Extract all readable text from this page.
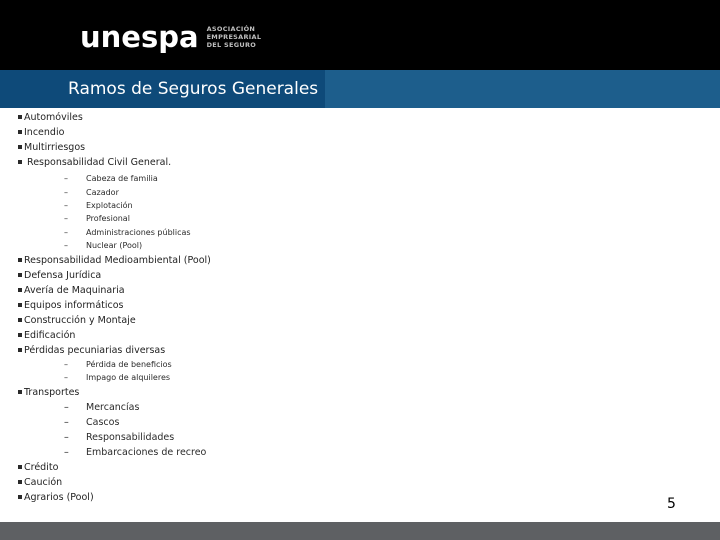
unespa ASOCIACIÓN
EMPRESARIAL
DEL SEGURO
Ramos de Seguros Generales
Automóviles
Incendio
Multirriesgos
Responsabilidad Civil General.
– Cabeza de familia
– Cazador
– Explotación
– Profesional
– Administraciones públicas
– Nuclear (Pool)
Responsabilidad Medioambiental (Pool)
Defensa Jurídica
Avería de Maquinaria
Equipos informáticos
Construcción y Montaje
Edificación
Pérdidas pecuniarias diversas
– Pérdida de beneficios
– Impago de alquileres
Transportes
– Mercancías
– Cascos
– Responsabilidades
– Embarcaciones de recreo
Crédito
Caución
Agrarios (Pool)	5
